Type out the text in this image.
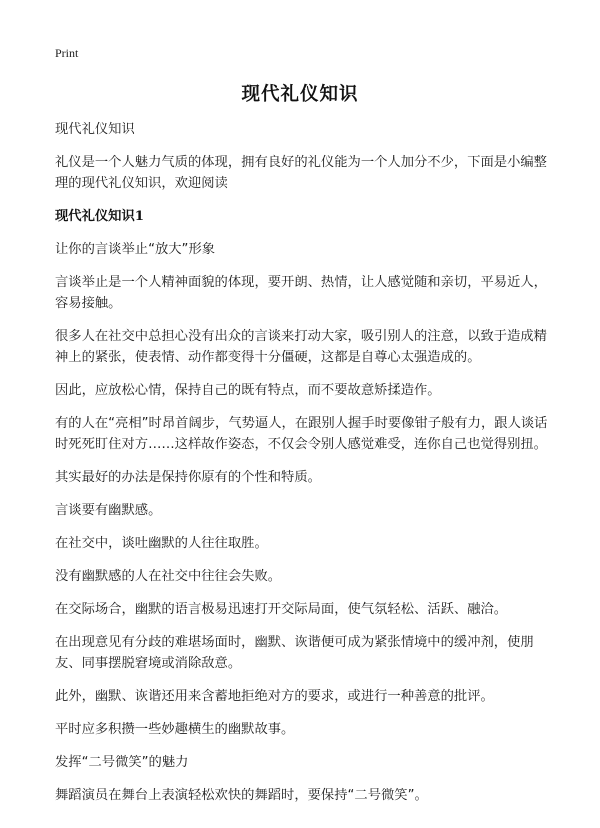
Print
现代礼仪知识

现代礼仪知识

礼仪是一个人魅力气质的体现，拥有良好的礼仪能为一个人加分不少，下面是小编整理的现代礼仪知识，欢迎阅读

现代礼仪知识1

让你的言谈举止“放大”形象

言谈举止是一个人精神面貌的体现，要开朗、热情，让人感觉随和亲切，平易近人，容易接触。

很多人在社交中总担心没有出众的言谈来打动大家，吸引别人的注意，以致于造成精神上的紧张，使表情、动作都变得十分僵硬，这都是自尊心太强造成的。

因此，应放松心情，保持自己的既有特点，而不要故意矫揉造作。

有的人在“亮相”时昂首阔步，气势逼人，在跟别人握手时要像钳子般有力，跟人谈话时死死盯住对方……这样故作姿态，不仅会令别人感觉难受，连你自己也觉得别扭。

其实最好的办法是保持你原有的个性和特质。

言谈要有幽默感。

在社交中，谈吐幽默的人往往取胜。

没有幽默感的人在社交中往往会失败。

在交际场合，幽默的语言极易迅速打开交际局面，使气氛轻松、活跃、融洽。

在出现意见有分歧的难堪场面时，幽默、诙谐便可成为紧张情境中的缓冲剂，使朋友、同事摆脱窘境或消除敌意。

此外，幽默、诙谐还用来含蓄地拒绝对方的要求，或进行一种善意的批评。

平时应多积攒一些妙趣横生的幽默故事。

发挥“二号微笑”的魅力

舞蹈演员在舞台上表演轻松欢快的舞蹈时，要保持“二号微笑”。
